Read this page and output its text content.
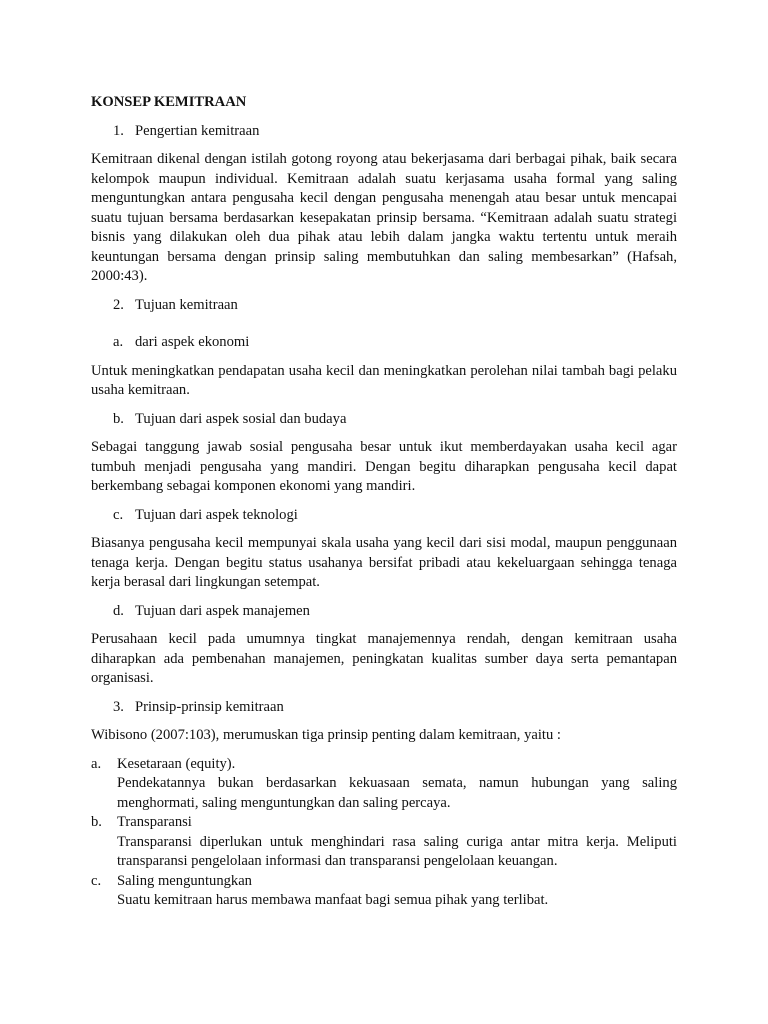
KONSEP KEMITRAAN
1. Pengertian kemitraan

Kemitraan dikenal dengan istilah gotong royong atau bekerjasama dari berbagai pihak, baik secara kelompok maupun individual. Kemitraan adalah suatu kerjasama usaha formal yang saling menguntungkan antara pengusaha kecil dengan pengusaha menengah atau besar untuk mencapai suatu tujuan bersama berdasarkan kesepakatan prinsip bersama. “Kemitraan adalah suatu strategi bisnis yang dilakukan oleh dua pihak atau lebih dalam jangka waktu tertentu untuk meraih keuntungan bersama dengan prinsip saling membutuhkan dan saling membesarkan” (Hafsah, 2000:43).

2. Tujuan kemitraan
a. dari aspek ekonomi

Untuk meningkatkan pendapatan usaha kecil dan meningkatkan perolehan nilai tambah bagi pelaku usaha kemitraan.

b. Tujuan dari aspek sosial dan budaya

Sebagai tanggung jawab sosial pengusaha besar untuk ikut memberdayakan usaha kecil agar tumbuh menjadi pengusaha yang mandiri. Dengan begitu diharapkan pengusaha kecil dapat berkembang sebagai komponen ekonomi yang mandiri.

c. Tujuan dari aspek teknologi

Biasanya pengusaha kecil mempunyai skala usaha yang kecil dari sisi modal, maupun penggunaan tenaga kerja. Dengan begitu status usahanya bersifat pribadi atau kekeluargaan sehingga tenaga kerja berasal dari lingkungan setempat.

d. Tujuan dari aspek manajemen

Perusahaan kecil pada umumnya tingkat manajemennya rendah, dengan kemitraan usaha diharapkan ada pembenahan manajemen, peningkatan kualitas sumber daya serta pemantapan organisasi.

3. Prinsip-prinsip kemitraan

Wibisono (2007:103), merumuskan tiga prinsip penting dalam kemitraan, yaitu :

a.	Kesetaraan (equity).
Pendekatannya bukan berdasarkan kekuasaan semata, namun hubungan yang saling menghormati, saling menguntungkan dan saling percaya.
b.	Transparansi
Transparansi diperlukan untuk menghindari rasa saling curiga antar mitra kerja. Meliputi transparansi pengelolaan informasi dan transparansi pengelolaan keuangan.
c.	Saling menguntungkan
Suatu kemitraan harus membawa manfaat bagi semua pihak yang terlibat.
